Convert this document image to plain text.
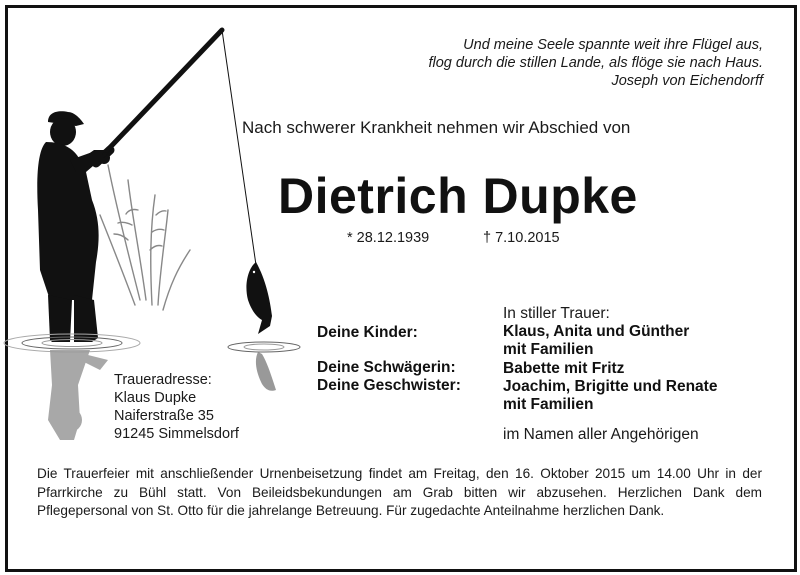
Und meine Seele spannte weit ihre Flügel aus,
flog durch die stillen Lande, als flöge sie nach Haus.
Joseph von Eichendorff
Nach schwerer Krankheit nehmen wir Abschied von
Dietrich Dupke
* 28.12.1939	† 7.10.2015
In stiller Trauer:
Deine Kinder:
Deine Schwägerin:
Deine Geschwister:
Klaus, Anita und Günther
mit Familien
Babette mit Fritz
Joachim, Brigitte und Renate
mit Familien
im Namen aller Angehörigen
Traueradresse:
Klaus Dupke
Naiferstraße 35
91245 Simmelsdorf
Die Trauerfeier mit anschließender Urnenbeisetzung findet am Freitag, den 16. Oktober 2015 um 14.00 Uhr in der Pfarrkirche zu Bühl statt. Von Beileidsbekundungen am Grab bitten wir abzusehen. Herzlichen Dank dem Pflegepersonal von St. Otto für die jahrelange Betreuung. Für zugedachte Anteilnahme herzlichen Dank.
